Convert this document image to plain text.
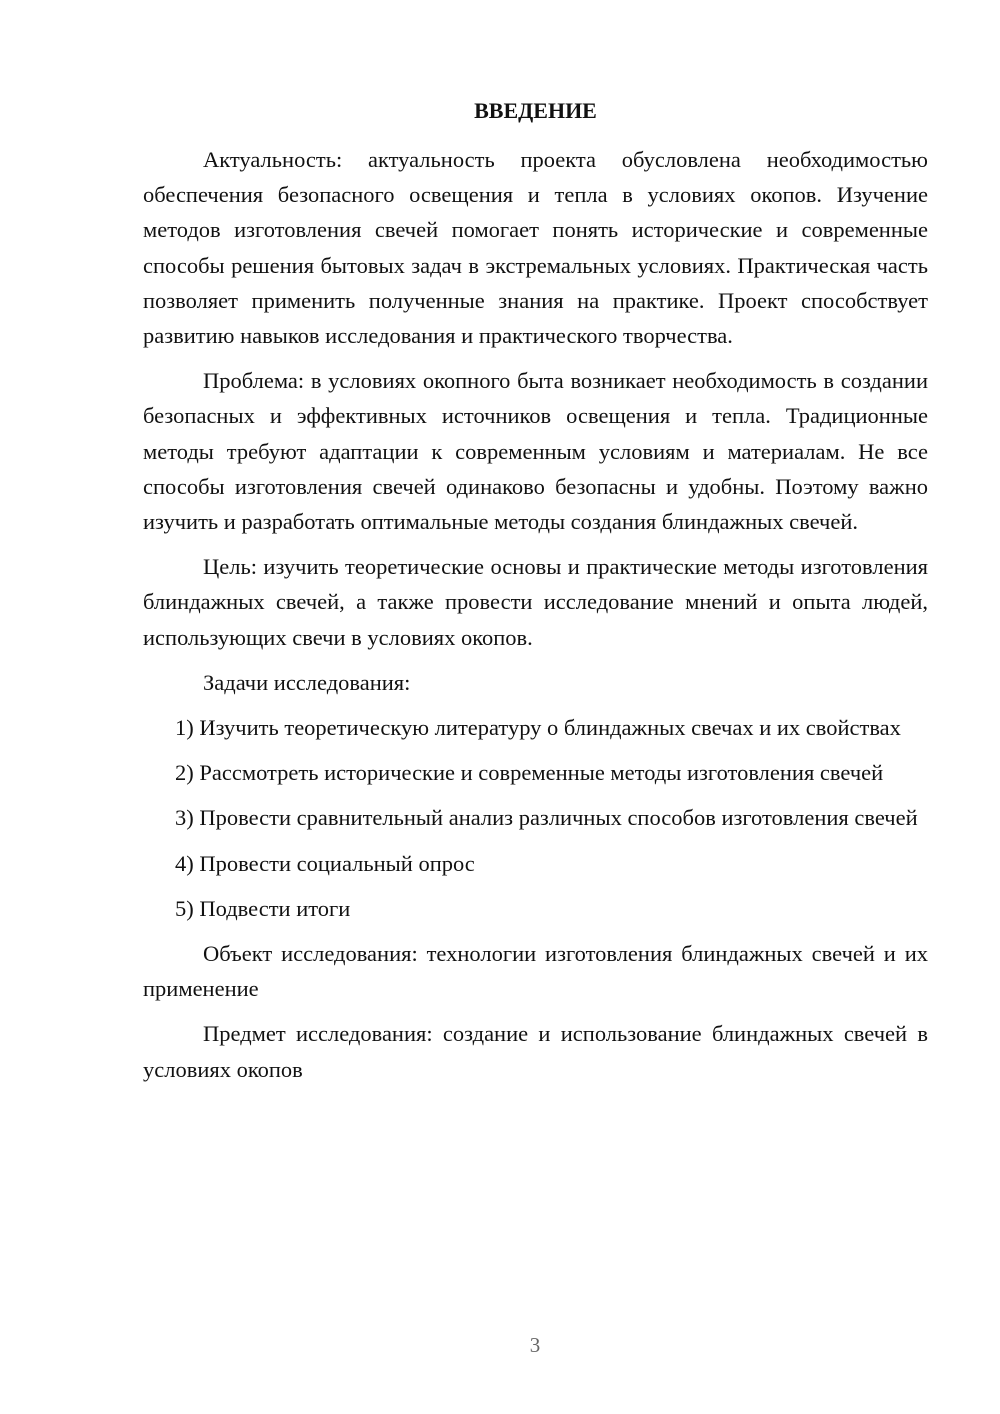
ВВЕДЕНИЕ

Актуальность: актуальность проекта обусловлена необходимостью обеспечения безопасного освещения и тепла в условиях окопов. Изучение методов изготовления свечей помогает понять исторические и современные способы решения бытовых задач в экстремальных условиях. Практическая часть позволяет применить полученные знания на практике. Проект способствует развитию навыков исследования и практического творчества.

Проблема: в условиях окопного быта возникает необходимость в создании безопасных и эффективных источников освещения и тепла. Традиционные методы требуют адаптации к современным условиям и материалам. Не все способы изготовления свечей одинаково безопасны и удобны. Поэтому важно изучить и разработать оптимальные методы создания блиндажных свечей.

Цель: изучить теоретические основы и практические методы изготовления блиндажных свечей, а также провести исследование мнений и опыта людей, использующих свечи в условиях окопов.

Задачи исследования:

1) Изучить теоретическую литературу о блиндажных свечах и их свойствах

2) Рассмотреть исторические и современные методы изготовления свечей

3) Провести сравнительный анализ различных способов изготовления свечей

4) Провести социальный опрос

5) Подвести итоги

Объект исследования: технологии изготовления блиндажных свечей и их применение

Предмет исследования: создание и использование блиндажных свечей в условиях окопов

3
